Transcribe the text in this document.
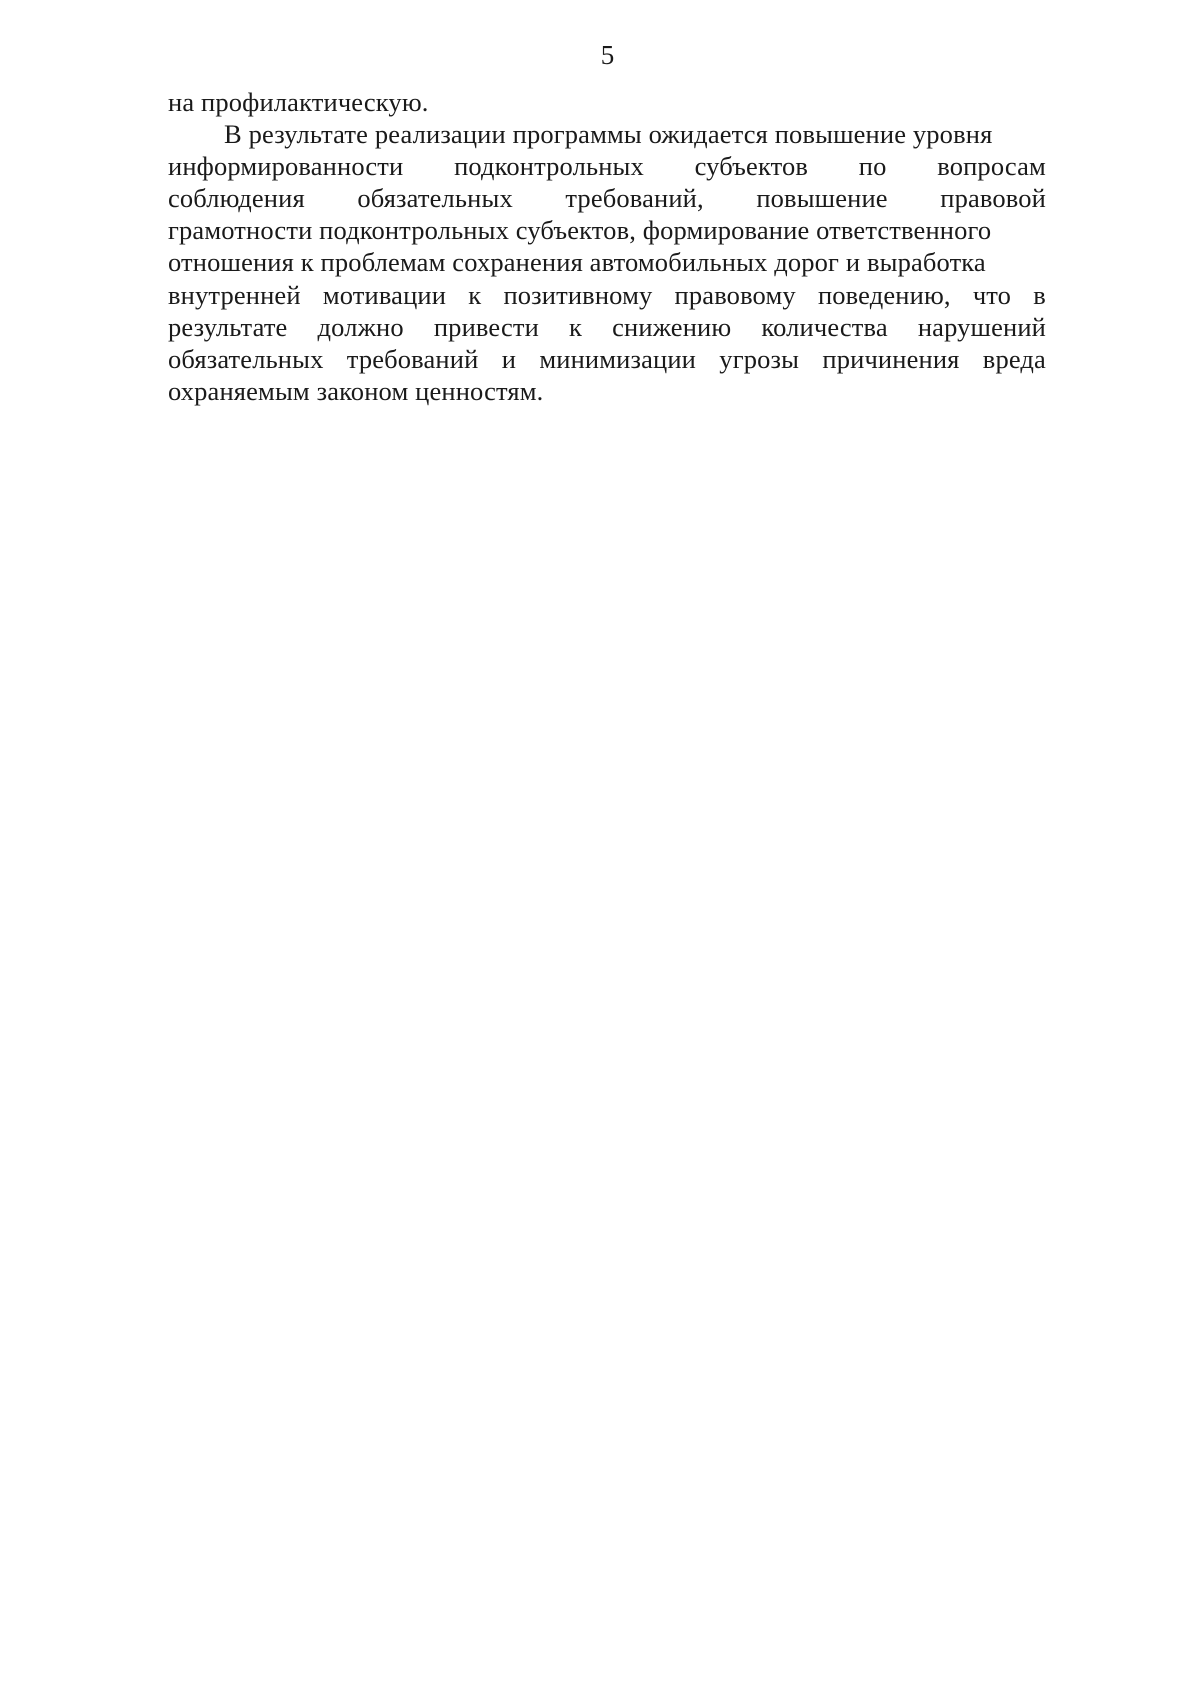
5
на профилактическую.
В результате реализации программы ожидается повышение уровня
информированности подконтрольных субъектов по вопросам
соблюдения обязательных требований, повышение правовой
грамотности подконтрольных субъектов, формирование ответственного
отношения к проблемам сохранения автомобильных дорог и выработка
внутренней мотивации к позитивному правовому поведению, что в
результате должно привести к снижению количества нарушений
обязательных требований и минимизации угрозы причинения вреда
охраняемым законом ценностям.
